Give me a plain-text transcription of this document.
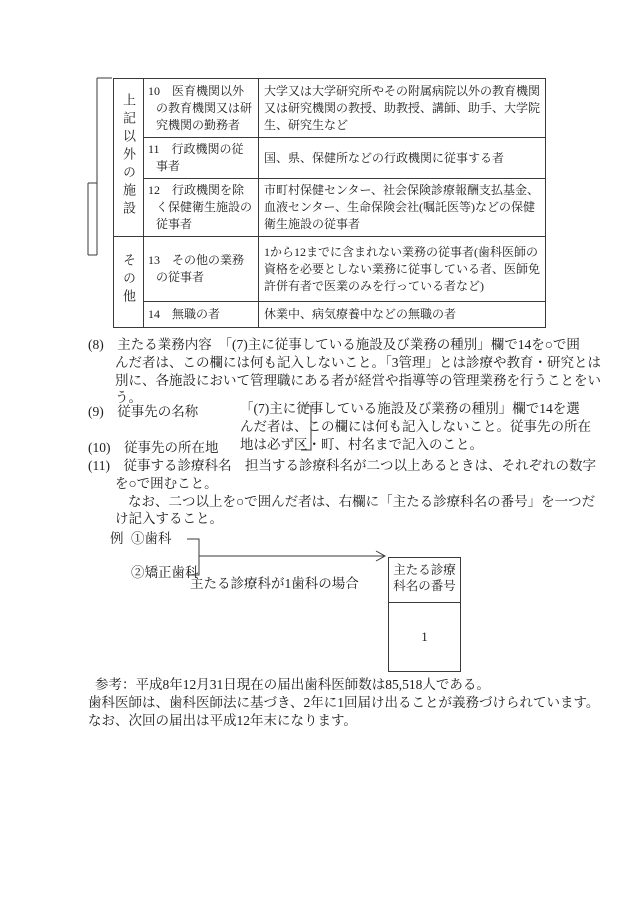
上記以外の施設	10　医育機関以外の教育機関又は研究機関の勤務者	大学又は大学研究所やその附属病院以外の教育機関又は研究機関の教授、助教授、講師、助手、大学院生、研究生など

	11　行政機関の従事者	国、県、保健所などの行政機関に従事する者

	12　行政機関を除く保健衛生施設の従事者	市町村保健センター、社会保険診療報酬支払基金、血液センター、生命保険会社(嘱託医等)などの保健衛生施設の従事者
その他	13　その他の業務の従事者	1から12までに含まれない業務の従事者(歯科医師の資格を必要としない業務に従事している者、医師免許併有者で医業のみを行っている者など)

	14　無職の者	休業中、病気療養中などの無職の者
(8)　主たる業務内容　「(7)主に従事している施設及び業務の種別」欄で14を○で囲
んだ者は、この欄には何も記入しないこと。「3管理」とは診療や教育・研究とは
別に、各施設において管理職にある者が経営や指導等の管理業務を行うことをい
う。
(9)　従事先の名称
(10)　従事先の所在地
「(7)主に従事している施設及び業務の種別」欄で14を選
んだ者は、この欄には何も記入しないこと。従事先の所在
地は必ず区・町、村名まで記入のこと。
(11)　従事する診療科名　担当する診療科名が二つ以上あるときは、それぞれの数字
を○で囲むこと。
なお、二つ以上を○で囲んだ者は、右欄に「主たる診療科名の番号」を一つだ
け記入すること。
例 ①歯科
②矯正歯科
主たる診療科が1歯科の場合
主たる診療科名の番号
1
参考：平成8年12月31日現在の届出歯科医師数は85,518人である。
歯科医師は、歯科医師法に基づき、2年に1回届け出ることが義務づけられています。
なお、次回の届出は平成12年末になります。
